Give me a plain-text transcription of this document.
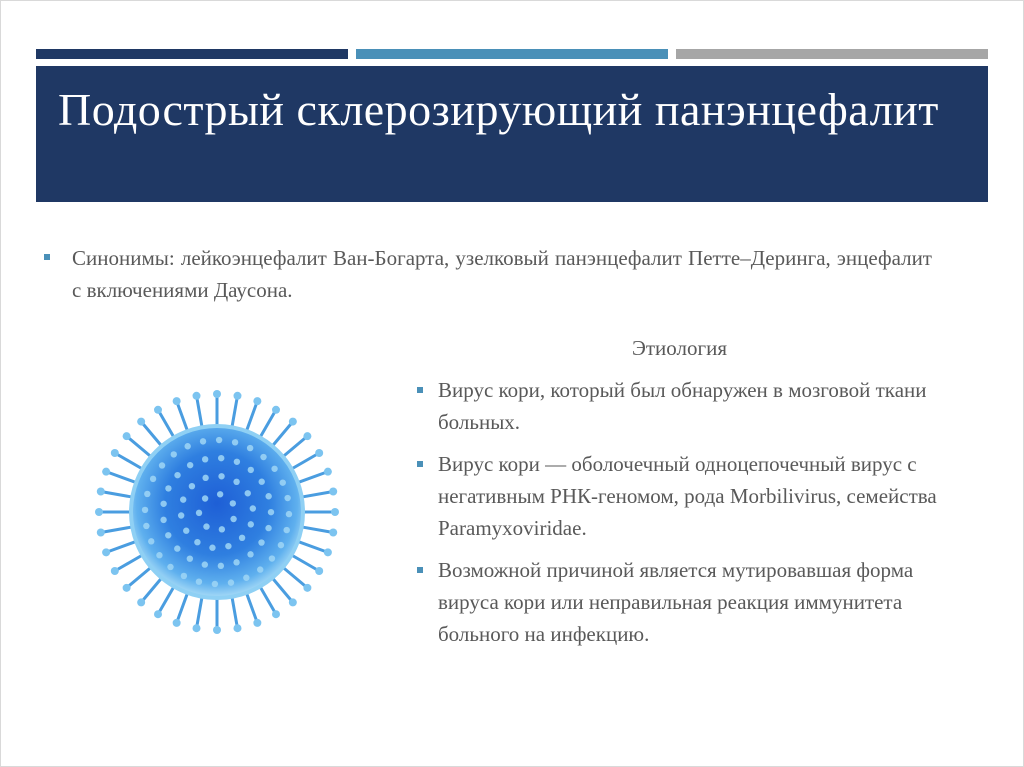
Подострый склерозирующий панэнцефалит
Синонимы: лейкоэнцефалит Ван-Богарта, узелковый панэнцефалит Петте–Деринга, энцефалит с включениями Даусона.
Этиология
Вирус кори, который был обнаружен в мозговой ткани больных.
Вирус кори — оболочечный одноцепочечный вирус с негативным РНК-геномом, рода Morbilivirus, семейства Paramyxoviridae.
Возможной причиной является мутировавшая форма вируса кори или неправильная реакция иммунитета больного на инфекцию.
